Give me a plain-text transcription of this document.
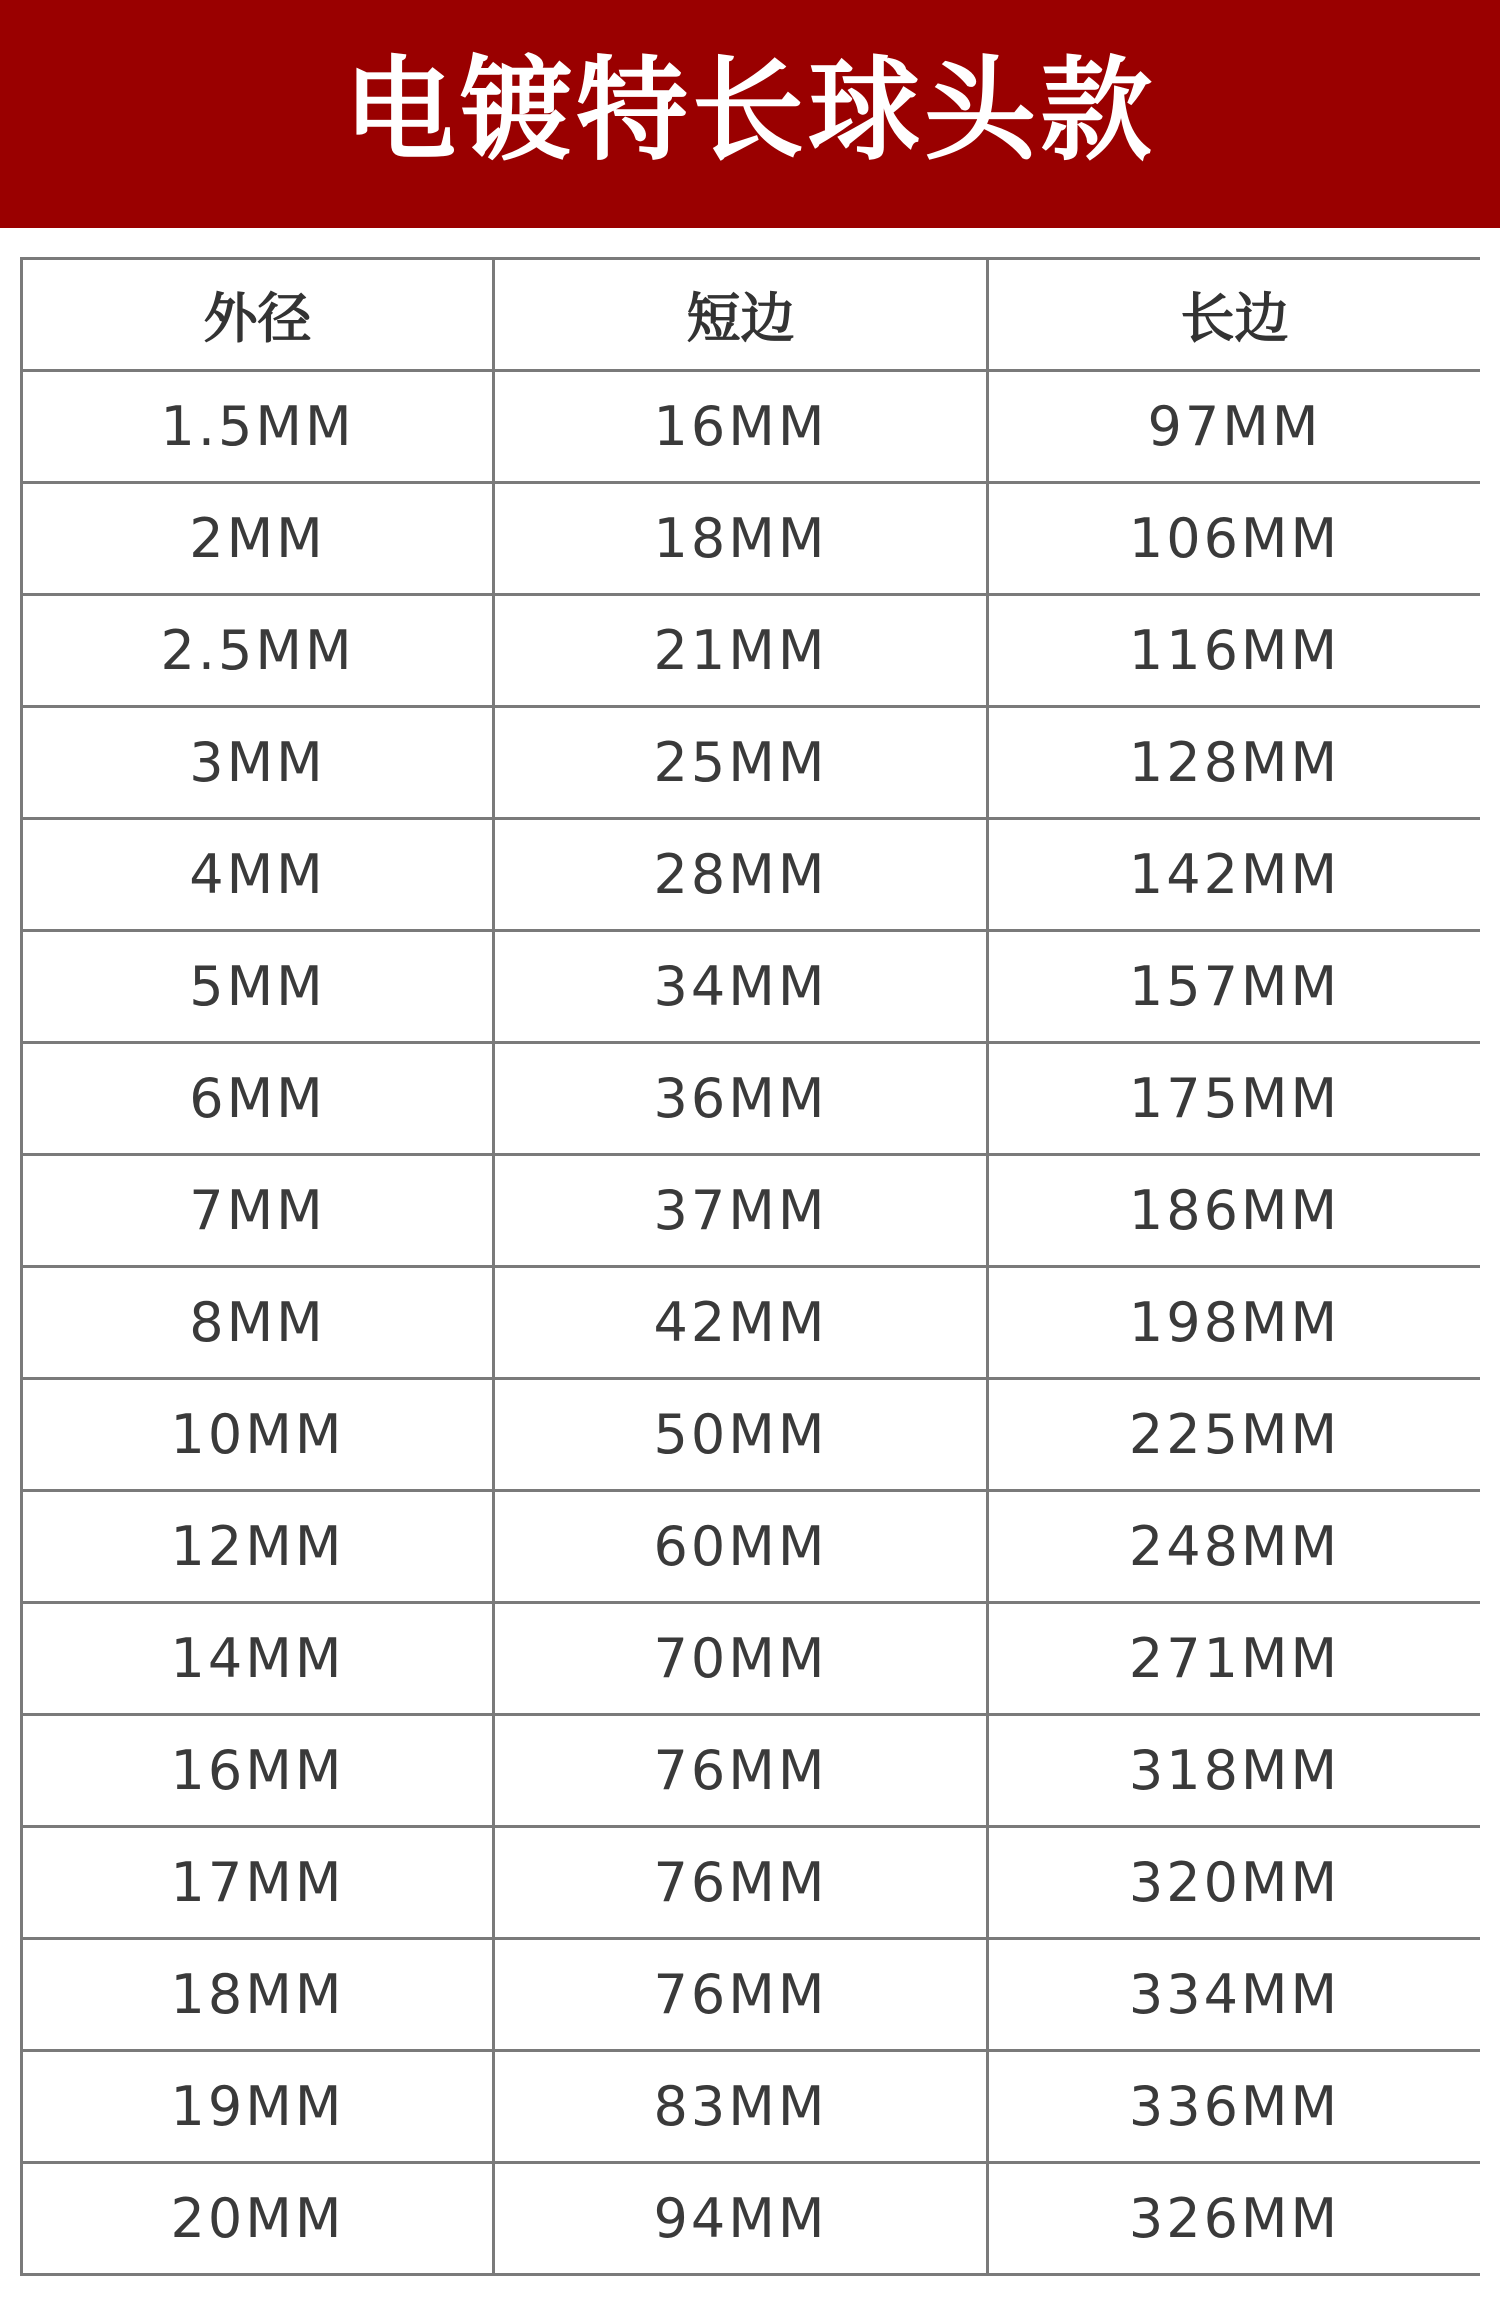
电镀特长球头款
外径	短边	长边
1.5MM	16MM	97MM
2MM	18MM	106MM
2.5MM	21MM	116MM
3MM	25MM	128MM
4MM	28MM	142MM
5MM	34MM	157MM
6MM	36MM	175MM
7MM	37MM	186MM
8MM	42MM	198MM
10MM	50MM	225MM
12MM	60MM	248MM
14MM	70MM	271MM
16MM	76MM	318MM
17MM	76MM	320MM
18MM	76MM	334MM
19MM	83MM	336MM
20MM	94MM	326MM
